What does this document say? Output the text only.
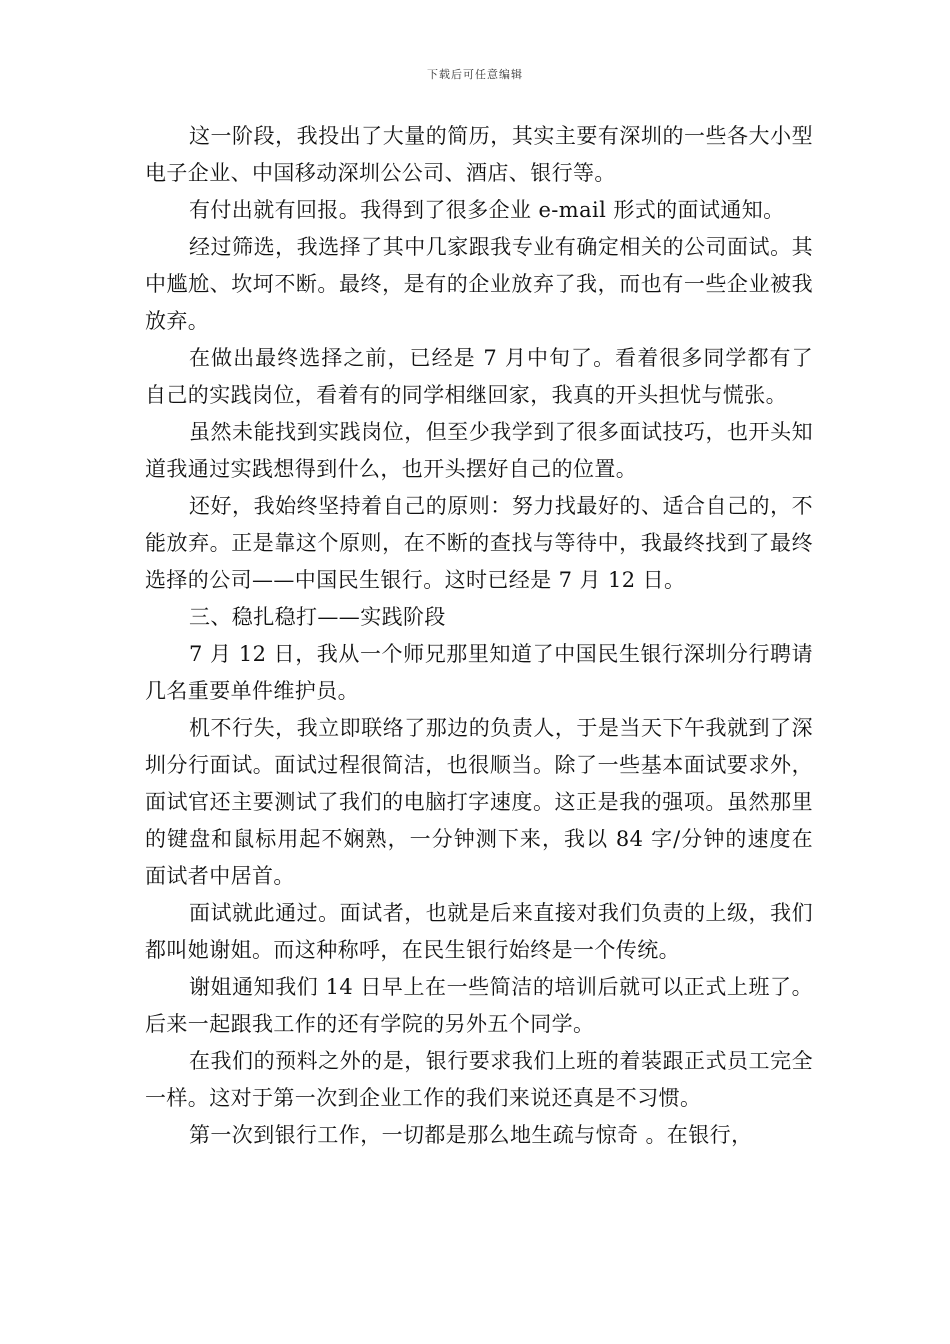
下载后可任意编辑

这一阶段，我投出了大量的简历，其实主要有深圳的一些各大小型电子企业、中国移动深圳公公司、酒店、银行等。

有付出就有回报。我得到了很多企业 e-mail 形式的面试通知。

经过筛选，我选择了其中几家跟我专业有确定相关的公司面试。其中尴尬、坎坷不断。最终，是有的企业放弃了我，而也有一些企业被我放弃。

在做出最终选择之前，已经是 7 月中旬了。看着很多同学都有了自己的实践岗位，看着有的同学相继回家，我真的开头担忧与慌张。

虽然未能找到实践岗位，但至少我学到了很多面试技巧，也开头知道我通过实践想得到什么，也开头摆好自己的位置。

还好，我始终坚持着自己的原则：努力找最好的、适合自己的，不能放弃。正是靠这个原则，在不断的查找与等待中，我最终找到了最终选择的公司——中国民生银行。这时已经是 7 月 12 日。

三、稳扎稳打——实践阶段

7 月 12 日，我从一个师兄那里知道了中国民生银行深圳分行聘请几名重要单件维护员。

机不行失，我立即联络了那边的负责人，于是当天下午我就到了深圳分行面试。面试过程很简洁，也很顺当。除了一些基本面试要求外，面试官还主要测试了我们的电脑打字速度。这正是我的强项。虽然那里的键盘和鼠标用起不娴熟，一分钟测下来，我以 84 字/分钟的速度在面试者中居首。

面试就此通过。面试者，也就是后来直接对我们负责的上级，我们都叫她谢姐。而这种称呼，在民生银行始终是一个传统。

谢姐通知我们 14 日早上在一些简洁的培训后就可以正式上班了。后来一起跟我工作的还有学院的另外五个同学。

在我们的预料之外的是，银行要求我们上班的着装跟正式员工完全一样。这对于第一次到企业工作的我们来说还真是不习惯。

第一次到银行工作，一切都是那么地生疏与惊奇 。在银行，
